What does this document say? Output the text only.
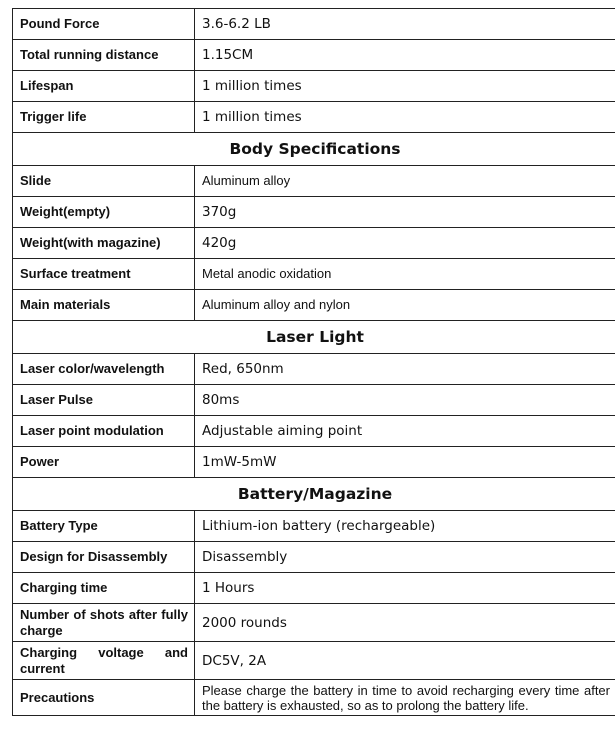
Pound Force	3.6-6.2 LB
Total running distance	1.15CM
Lifespan	1 million times
Trigger life	1 million times
Body Specifications	
Slide	Aluminum alloy
Weight(empty)	370g
Weight(with magazine)	420g
Surface treatment	Metal anodic oxidation
Main materials	Aluminum alloy and nylon
Laser Light	
Laser color/wavelength	Red, 650nm
Laser Pulse	80ms
Laser point modulation	Adjustable aiming point
Power	1mW-5mW
Battery/Magazine	
Battery Type	Lithium-ion battery (rechargeable)
Design for Disassembly	Disassembly
Charging time	1 Hours
Number of shots after fully charge	2000 rounds
Charging voltage and current	DC5V, 2A
Precautions	Please charge the battery in time to avoid recharging every time after the battery is exhausted, so as to prolong the battery life.
